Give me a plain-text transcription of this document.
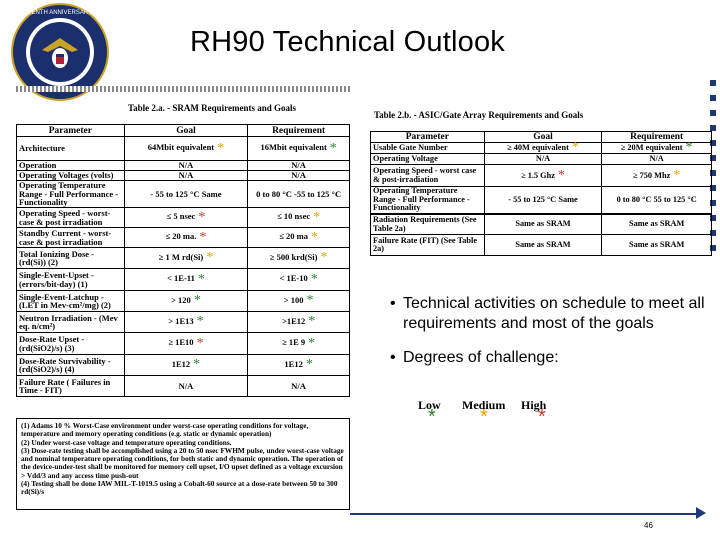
TENTH ANNIVERSARY
RH90 Technical Outlook
Table 2.a. - SRAM Requirements and Goals
Parameter	Goal	Requirement
Architecture	64Mbit equivalent *	16Mbit equivalent *
Operation	N/A	N/A
Operating Voltages (volts)	N/A	N/A
Operating Temperature Range - Full Performance - Functionality	- 55 to 125 °C Same	0 to 80 °C -55 to 125 °C
Operating Speed - worst-case & post irradiation	≤ 5 nsec *	≤ 10 nsec *
Standby Current - worst-case & post irradiation	≤ 20 ma. *	≤ 20 ma *
Total Ionizing Dose - (rd(Si)) (2)	≥ 1 M rd(Si) *	≥ 500 krd(Si) *
Single-Event-Upset - (errors/bit-day) (1)	< 1E-11 *	< 1E-10 *
Single-Event-Latchup - (LET in Mev-cm²/mg) (2)	> 120 *	> 100 *
Neutron Irradiation - (Mev eq. n/cm²)	> 1E13 *	>1E12 *
Dose-Rate Upset - (rd(SiO2)/s) (3)	≥ 1E10 *	≥ 1E 9 *
Dose-Rate Survivability - (rd(SiO2)/s) (4)	1E12 *	1E12 *
Failure Rate ( Failures in Time - FIT)	N/A	N/A
(1) Adams 10 % Worst-Case environment under worst-case operating conditions for voltage, temperature and memory operating conditions (e.g. static or dynamic operation)
(2) Under worst-case voltage and temperature operating conditions.
(3) Dose-rate testing shall be accomplished using a 20 to 50 nsec FWHM pulse, under worst-case voltage and nominal temperature operating conditions, for both static and dynamic operation. The operation of the device-under-test shall be monitored for memory cell upset, I/O upset defined as a voltage excursion > Vdd/3 and any access time push-out
(4) Testing shall be done IAW MIL-T-1019.5 using a Cobalt-60 source at a dose-rate between 50 to 300 rd(Si)/s
Table 2.b. - ASIC/Gate Array Requirements and Goals
Parameter	Goal	Requirement
Usable Gate Number	≥ 40M equivalent *	≥ 20M equivalent *
Operating Voltage	N/A	N/A
Operating Speed - worst case & post-irradiation	≥ 1.5 Ghz *	≥ 750 Mhz *
Operating Temperature Range - Full Performance - Functionality	- 55 to 125 °C Same	0 to 80 °C 55 to 125 °C
Radiation Requirements (See Table 2a)	Same as SRAM	Same as SRAM
Failure Rate (FIT) (See Table 2a)	Same as SRAM	Same as SRAM
• Technical activities on schedule to meet all requirements and most of the goals
• Degrees of challenge:
Low Medium High
* *	*
46
